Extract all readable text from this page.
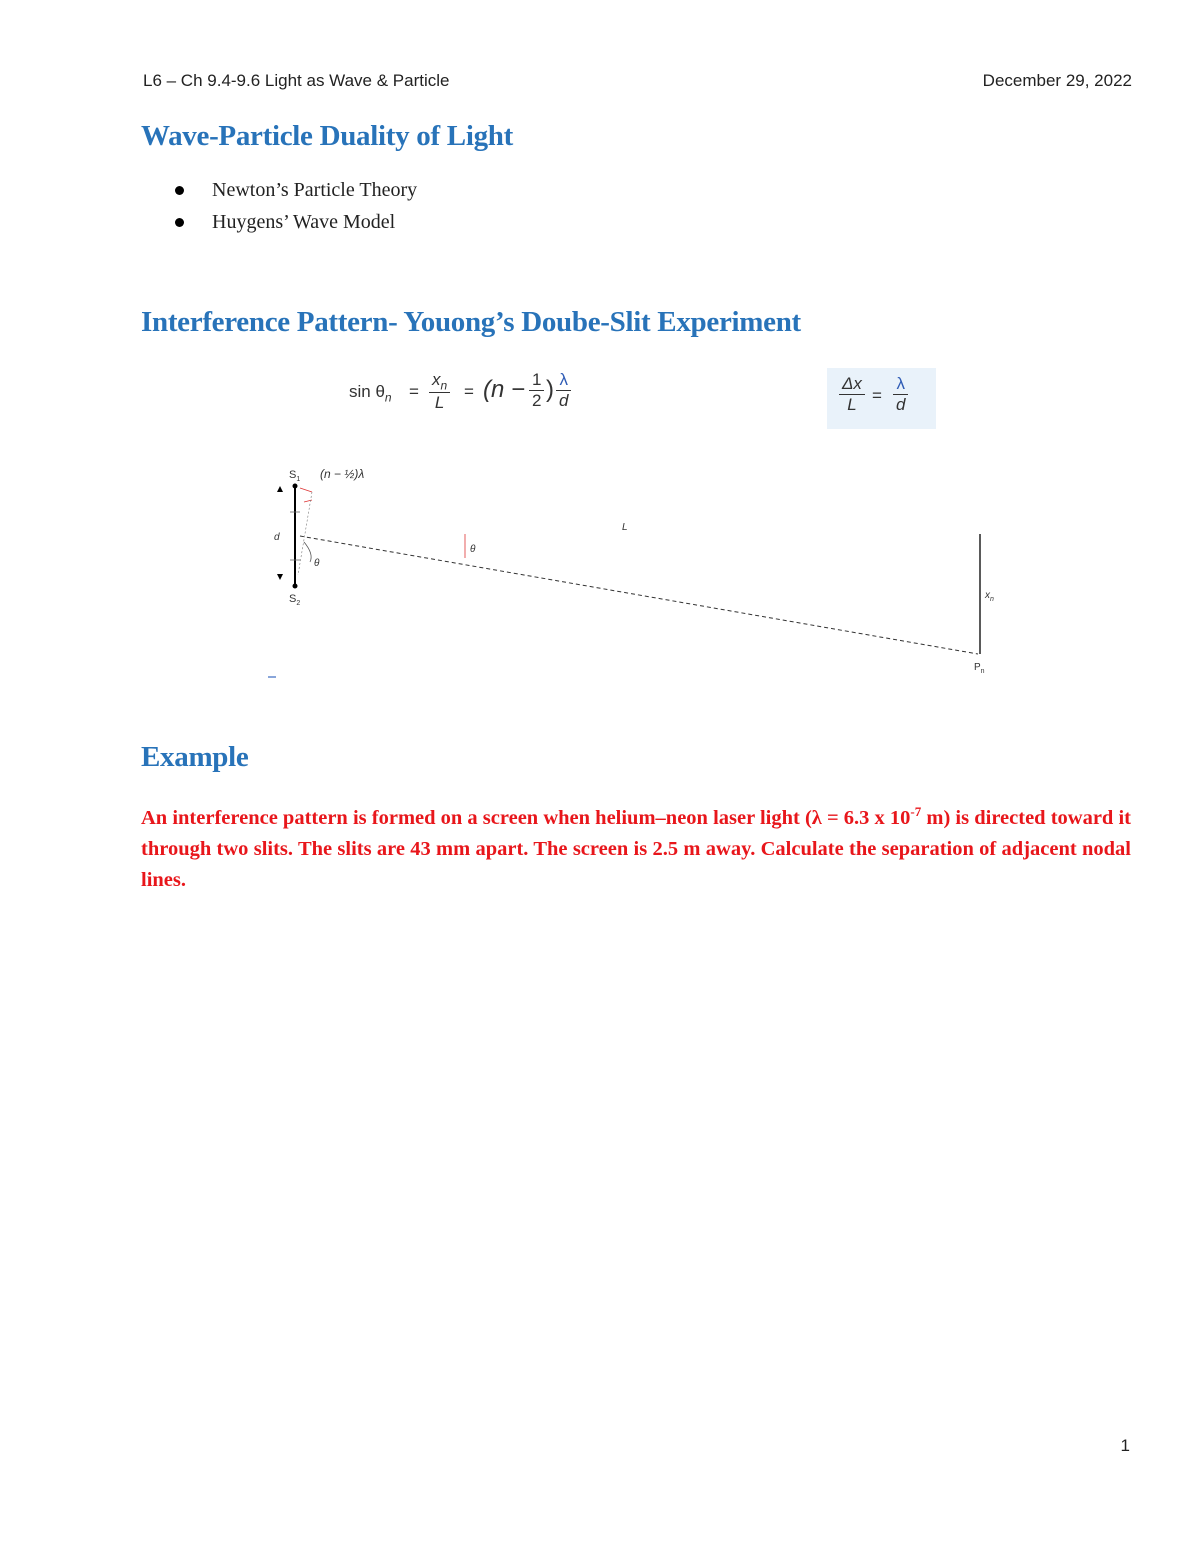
L6 – Ch 9.4-9.6 Light as Wave & Particle	December 29, 2022
Wave-Particle Duality of Light
Newton’s Particle Theory
Huygens’ Wave Model
Interference Pattern- Youong’s Doube-Slit Experiment
$\sin \theta_n = \frac{x_n}{L} = (n - \frac{1}{2}$ ) $\frac{\lambda}{d}$	$\frac{\Delta x}{L} = \frac{\lambda}{d}$
d
θ
θ
L
$S_1$
$S_2$
(n − ½)λ
$x_n$
$P_n$
Example
An interference pattern is formed on a screen when helium–neon laser light (λ = 6.3 x $10^{-7}$ m) is directed toward it through two slits. The slits are 43 mm apart. The screen is 2.5 m away. Calculate the separation of adjacent nodal lines.
1
